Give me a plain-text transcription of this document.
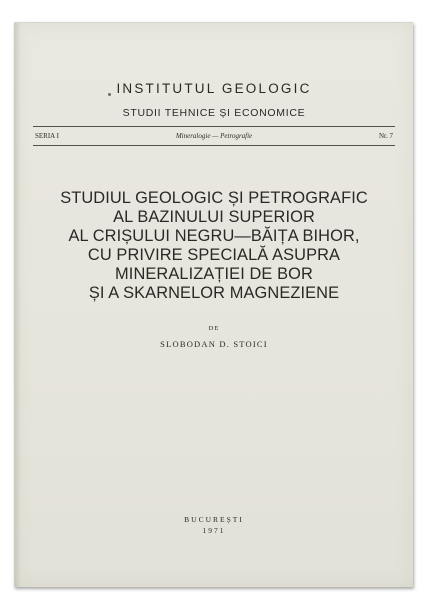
INSTITUTUL GEOLOGIC
STUDII TEHNICE ȘI ECONOMICE
SERIA I	Mineralogie — Petrografie	Nr. 7
STUDIUL GEOLOGIC ȘI PETROGRAFIC
AL BAZINULUI SUPERIOR
AL CRIȘULUI NEGRU—BĂIȚA BIHOR,
CU PRIVIRE SPECIALĂ ASUPRA
MINERALIZAȚIEI DE BOR
ȘI A SKARNELOR MAGNEZIENE
DE
SLOBODAN D. STOICI
BUCUREȘTI
1971
